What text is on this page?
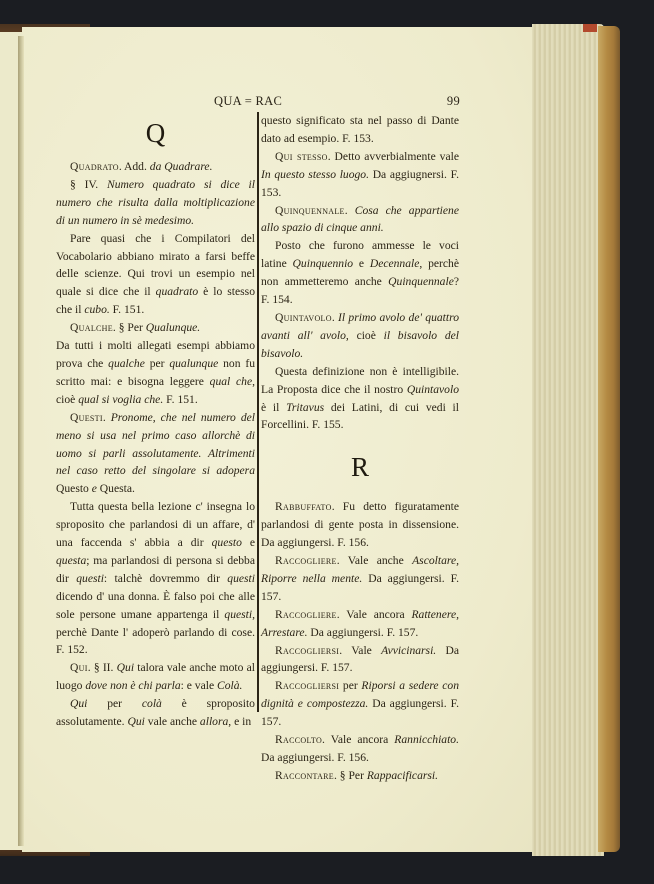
QUA = RAC	99
Q

Quadrato. Add. da Quadrare.

§ IV. Numero quadrato si dice il numero che risulta dalla moltiplicazione di un numero in sè medesimo.

Pare quasi che i Compilatori del Vocabolario abbiano mirato a farsi beffe delle scienze. Qui trovi un esempio nel quale si dice che il quadrato è lo stesso che il cubo. F. 151.

Qualche. § Per Qualunque.

Da tutti i molti allegati esempi abbiamo prova che qualche per qualunque non fu scritto mai: e bisogna leggere qual che, cioè qual si voglia che. F. 151.

Questi. Pronome, che nel numero del meno si usa nel primo caso allorchè di uomo si parli assolutamente. Altrimenti nel caso retto del singolare si adopera Questo e Questa.

Tutta questa bella lezione c' insegna lo sproposito che parlandosi di un affare, d' una faccenda s' abbia a dir questo e questa; ma parlandosi di persona si debba dir questi: talchè dovremmo dir questi dicendo d' una donna. È falso poi che alle sole persone umane appartenga il questi, perchè Dante l' adoperò parlando di cose. F. 152.

Qui. § II. Qui talora vale anche moto al luogo dove non è chi parla: e vale Colà.

Qui per colà è sproposito assolutamente. Qui vale anche allora, e in

questo significato sta nel passo di Dante dato ad esempio. F. 153.

Qui stesso. Detto avverbialmente vale In questo stesso luogo. Da aggiugnersi. F. 153.

Quinquennale. Cosa che appartiene allo spazio di cinque anni.

Posto che furono ammesse le voci latine Quinquennio e Decennale, perchè non ammetteremo anche Quinquennale? F. 154.

Quintavolo. Il primo avolo de' quattro avanti all' avolo, cioè il bisavolo del bisavolo.

Questa definizione non è intelligibile. La Proposta dice che il nostro Quintavolo è il Tritavus dei Latini, di cui vedi il Forcellini. F. 155.

R

Rabbuffato. Fu detto figuratamente parlandosi di gente posta in dissensione. Da aggiungersi. F. 156.

Raccogliere. Vale anche Ascoltare, Riporre nella mente. Da aggiungersi. F. 157.

Raccogliere. Vale ancora Rattenere, Arrestare. Da aggiungersi. F. 157.

Raccogliersi. Vale Avvicinarsi. Da aggiungersi. F. 157.

Raccogliersi per Riporsi a sedere con dignità e compostezza. Da aggiungersi. F. 157.

Raccolto. Vale ancora Rannicchiato. Da aggiungersi. F. 156.

Raccontare. § Per Rappacificarsi.
